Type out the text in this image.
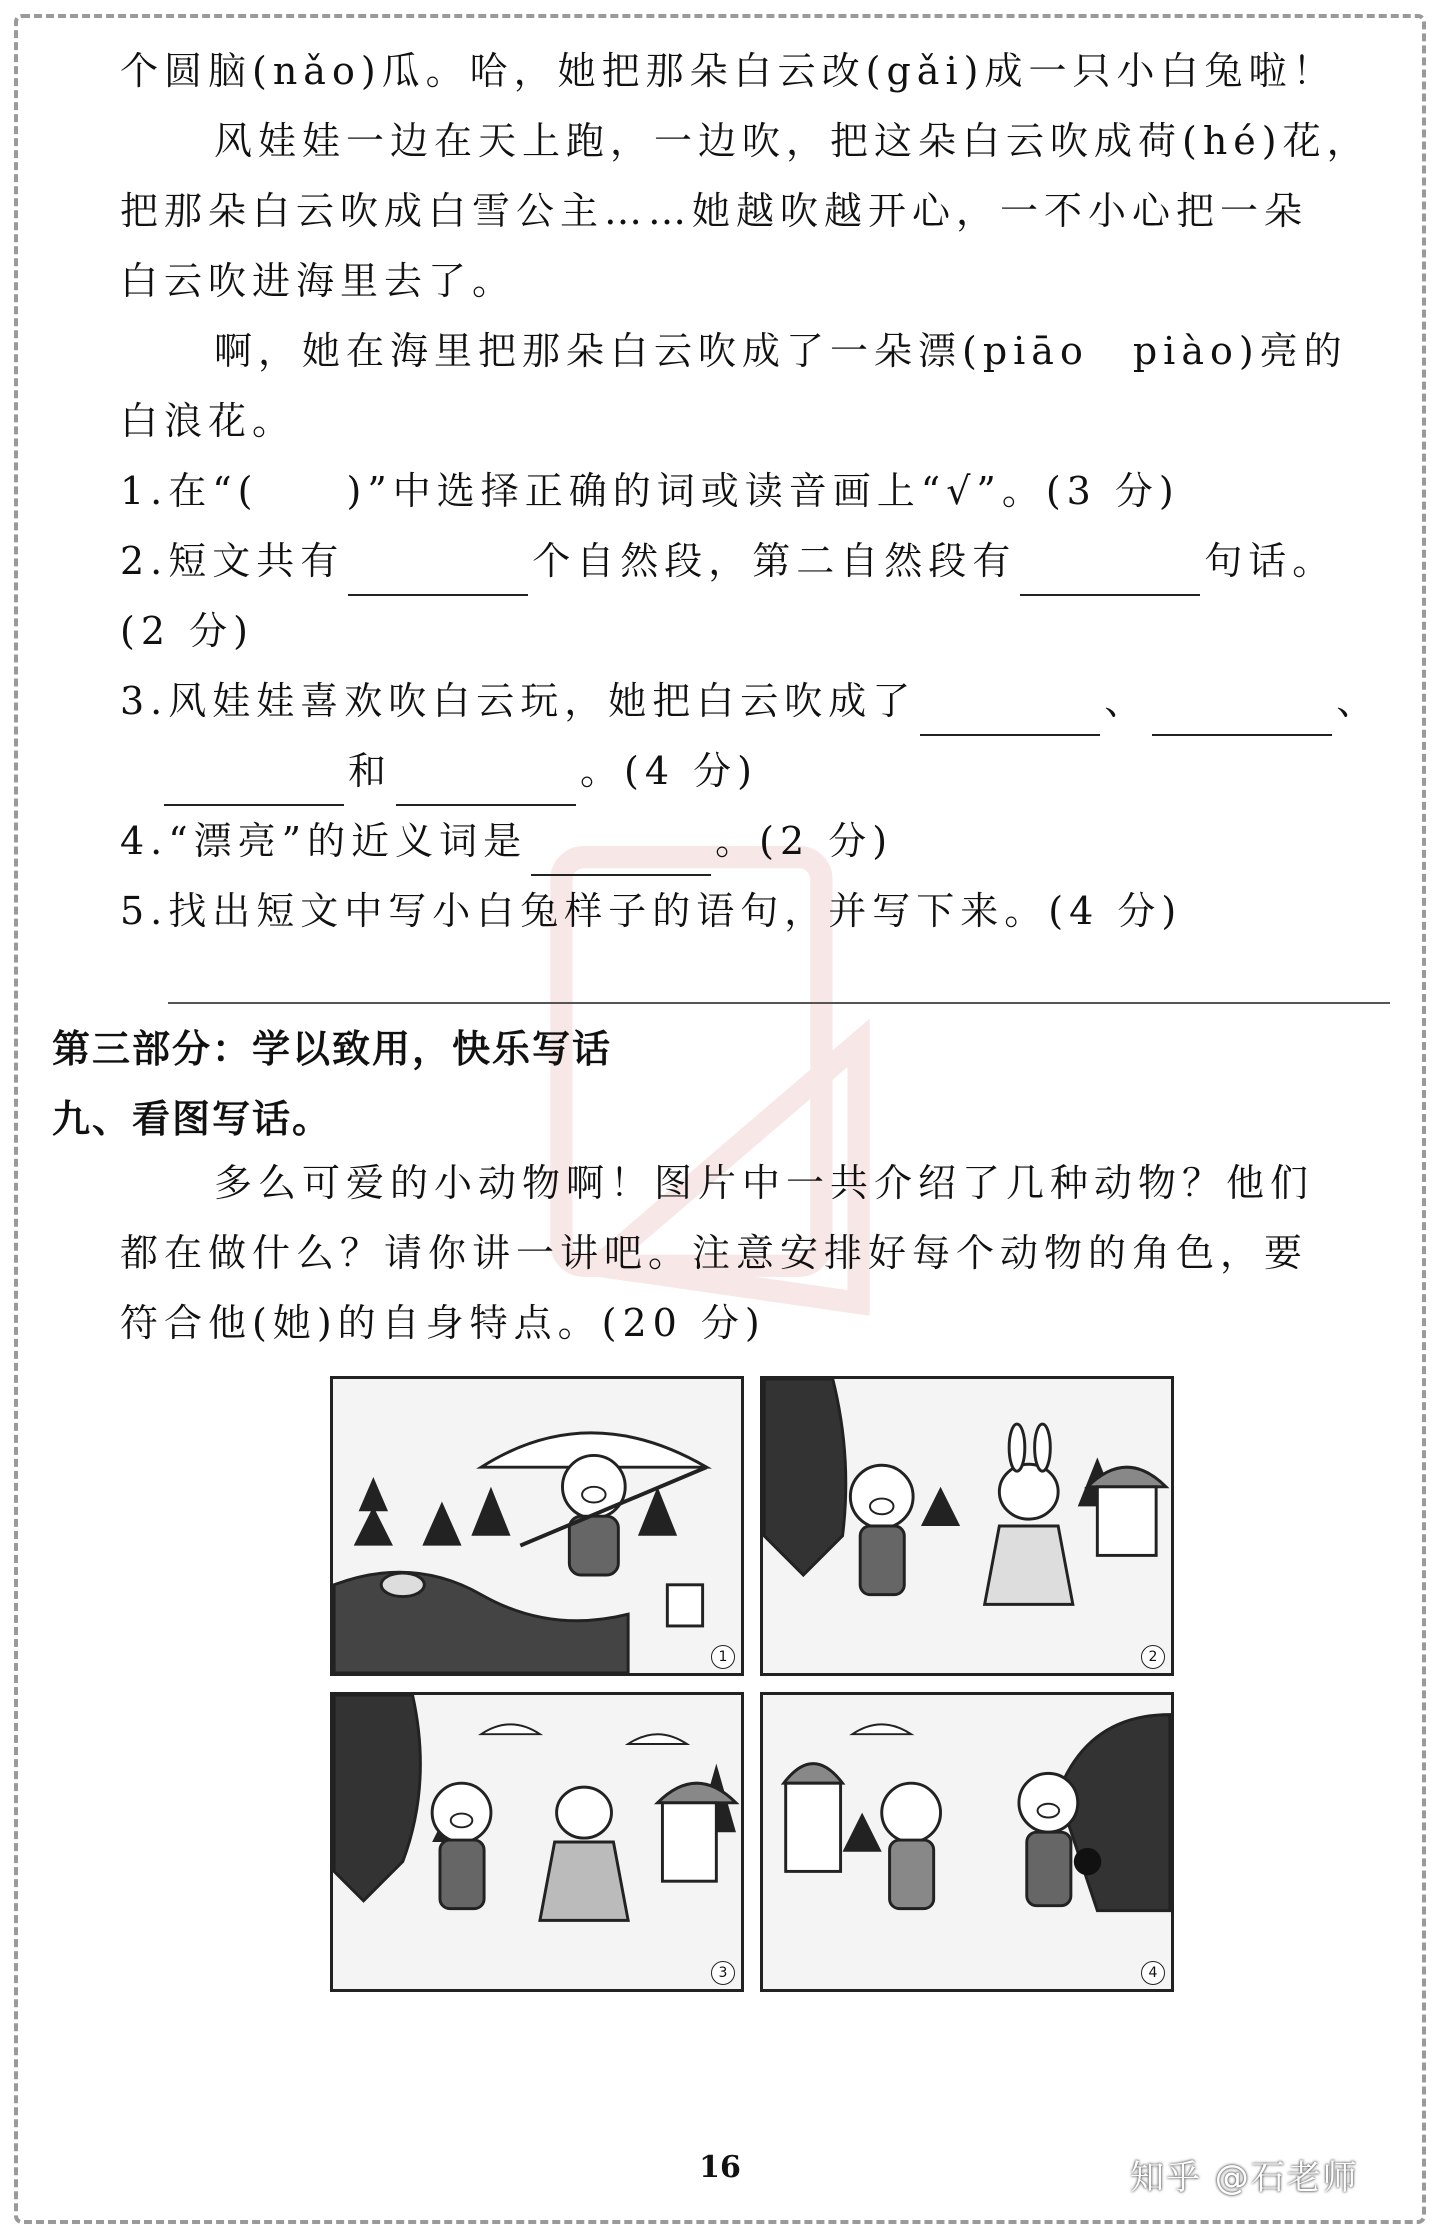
个圆脑(nǎo)瓜。哈，她把那朵白云改(gǎi)成一只小白兔啦！
风娃娃一边在天上跑，一边吹，把这朵白云吹成荷(hé)花，
把那朵白云吹成白雪公主……她越吹越开心，一不小心把一朵
白云吹进海里去了。
啊，她在海里把那朵白云吹成了一朵漂(piāo　piào)亮的
白浪花。
1.在“(　　)”中选择正确的词或读音画上“√”。(3 分)
2.短文共有	个自然段，第二自然段有	句话。
(2 分)
3.风娃娃喜欢吹白云玩，她把白云吹成了	、	、
和	。(4 分)
4.“漂亮”的近义词是	。(2 分)
5.找出短文中写小白兔样子的语句，并写下来。(4 分)
第三部分：学以致用，快乐写话
九、看图写话。
多么可爱的小动物啊！图片中一共介绍了几种动物？他们
都在做什么？请你讲一讲吧。注意安排好每个动物的角色，要
符合他(她)的自身特点。(20 分)
1	2
3	4
16	知乎 @石老师
